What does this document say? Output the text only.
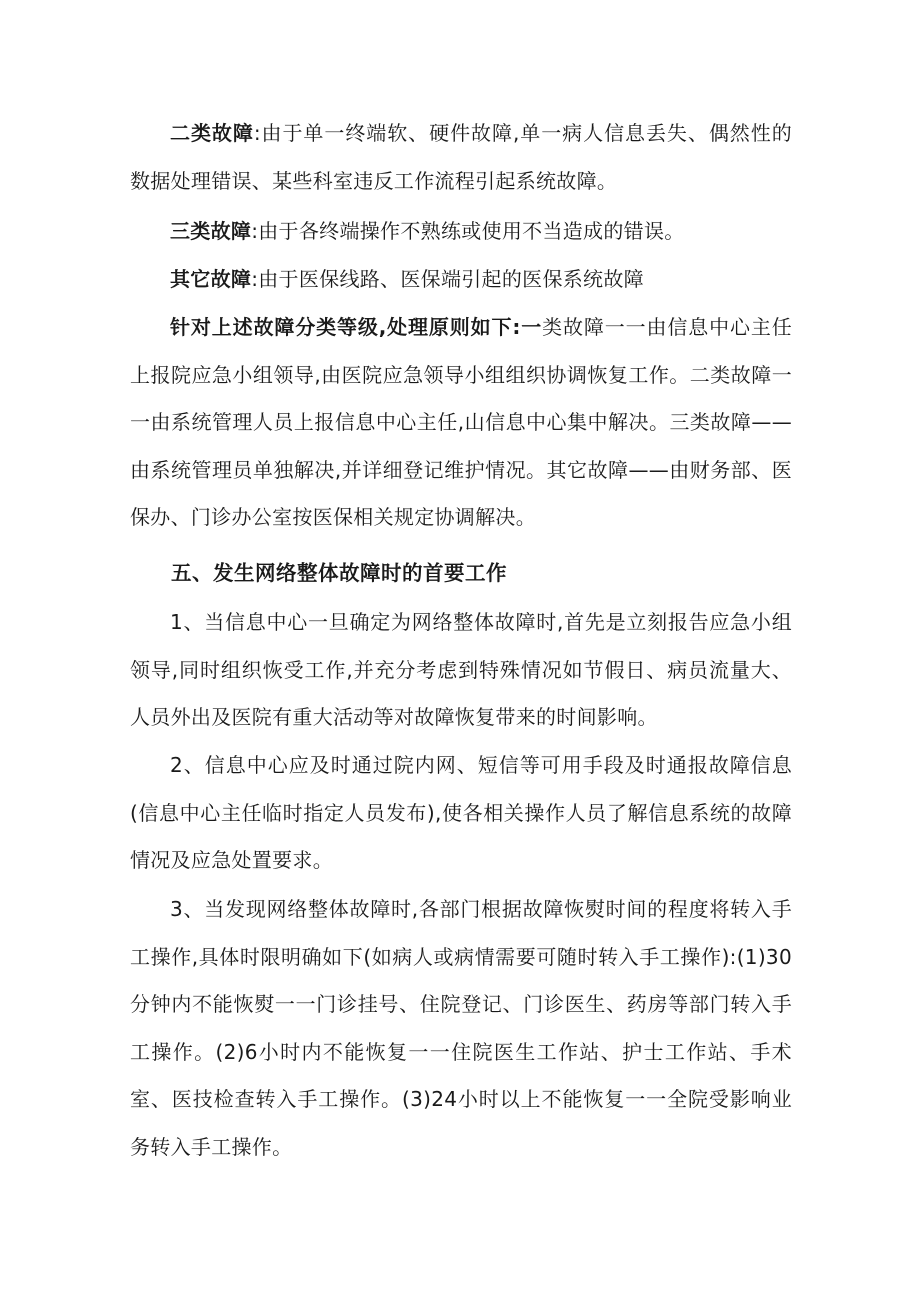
二类故障:由于单一终端软、硬件故障,单一病人信息丢失、偶然性的数据处理错误、某些科室违反工作流程引起系统故障。

三类故障:由于各终端操作不熟练或使用不当造成的错误。

其它故障:由于医保线路、医保端引起的医保系统故障

针对上述故障分类等级,处理原则如下:一类故障一一由信息中心主任上报院应急小组领导,由医院应急领导小组组织协调恢复工作。二类故障一一由系统管理人员上报信息中心主任,山信息中心集中解决。三类故障——由系统管理员单独解决,并详细登记维护情况。其它故障——由财务部、医保办、门诊办公室按医保相关规定协调解决。

五、发生网络整体故障时的首要工作

1、当信息中心一旦确定为网络整体故障时,首先是立刻报告应急小组领导,同时组织恢受工作,并充分考虑到特殊情况如节假日、病员流量大、人员外出及医院有重大活动等对故障恢复带来的时间影响。

2、信息中心应及时通过院内网、短信等可用手段及时通报故障信息(信息中心主任临时指定人员发布),使各相关操作人员了解信息系统的故障情况及应急处置要求。

3、当发现网络整体故障时,各部门根据故障恢熨时间的程度将转入手工操作,具体时限明确如下(如病人或病情需要可随时转入手工操作):(1)30分钟内不能恢熨一一门诊挂号、住院登记、门诊医生、药房等部门转入手工操作。(2)6小时内不能恢复一一住院医生工作站、护士工作站、手术室、医技检查转入手工操作。(3)24小时以上不能恢复一一全院受影响业务转入手工操作。
